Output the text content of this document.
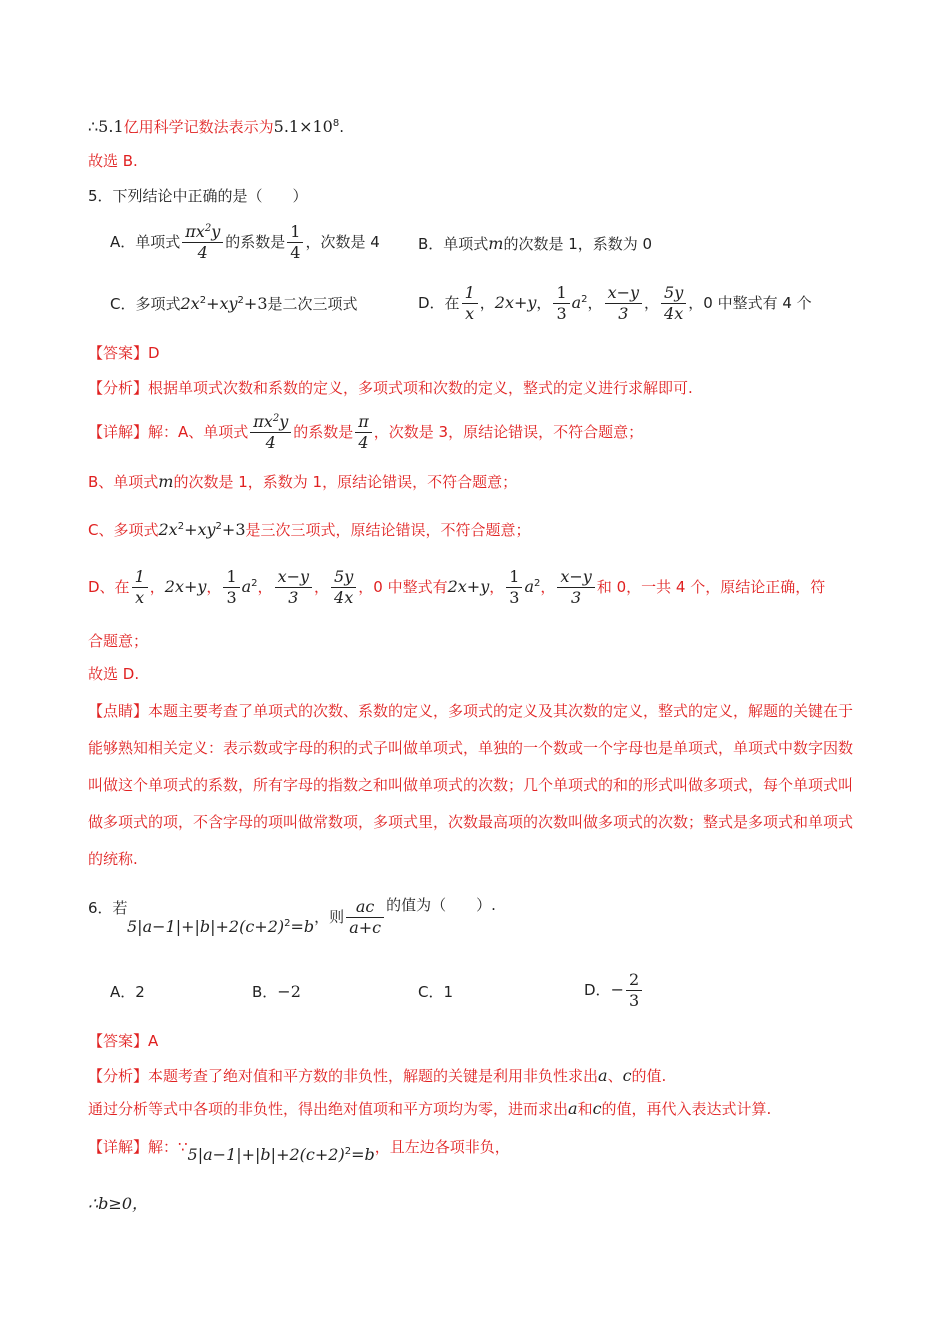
∴5.1亿用科学记数法表示为$5.1\times 10^8$.
故选 B.
5．下列结论中正确的是（　　）
A．单项式 $\frac{\pi x^2y}{4}$ 的系数是 $\frac{1}{4}$ ，次数是 4	B．单项式m的次数是 1，系数为 0
C．多项式$2x^2+xy^2+3$是二次三项式	D．在 $\frac{1}{x}$ ，2x+y， $\frac{1}{3} a^2$， $\frac{x-y}{3}$ ， $\frac{5y}{4x}$ ，0 中整式有 4 个
【答案】D
【分析】根据单项式次数和系数的定义，多项式项和次数的定义，整式的定义进行求解即可.
【详解】解：A、单项式 $\frac{\pi x^2y}{4}$ 的系数是 $\frac{\pi}{4}$ ，次数是 3，原结论错误，不符合题意；
B、单项式m的次数是 1，系数为 1，原结论错误，不符合题意；
C、多项式$2x^2+xy^2+3$是三次三项式，原结论错误，不符合题意；
D、在 $\frac{1}{x}$ ，2x+y， $\frac{1}{3} a^2$， $\frac{x-y}{3}$ ， $\frac{5y}{4x}$ ，0 中整式有2x+y， $\frac{1}{3} a^2$， $\frac{x-y}{3}$ 和 0，一共 4 个，原结论正确，符
合题意；
故选 D.
【点睛】本题主要考查了单项式的次数、系数的定义，多项式的定义及其次数的定义，整式的定义，解题的关键在于能够熟知相关定义：表示数或字母的积的式子叫做单项式，单独的一个数或一个字母也是单项式，单项式中数字因数叫做这个单项式的系数，所有字母的指数之和叫做单项式的次数；几个单项式的和的形式叫做多项式，每个单项式叫做多项式的项，不含字母的项叫做常数项，多项式里，次数最高项的次数叫做多项式的次数；整式是多项式和单项式的统称.
6．若
$5|a-1|+|b|+2(c+2)^2=b$，则 $\frac{ac}{a+c}$ 的值为（　　）.
A．2	B．−2	C．1	D．− $\frac{2}{3}$
【答案】A
【分析】本题考查了绝对值和平方数的非负性，解题的关键是利用非负性求出a、c的值.
通过分析等式中各项的非负性，得出绝对值项和平方项均为零，进而求出a和c的值，再代入表达式计算.
【详解】解：$\because 5|a-1|+|b|+2(c+2)^2=b$，且左边各项非负，
∴b≥0，
